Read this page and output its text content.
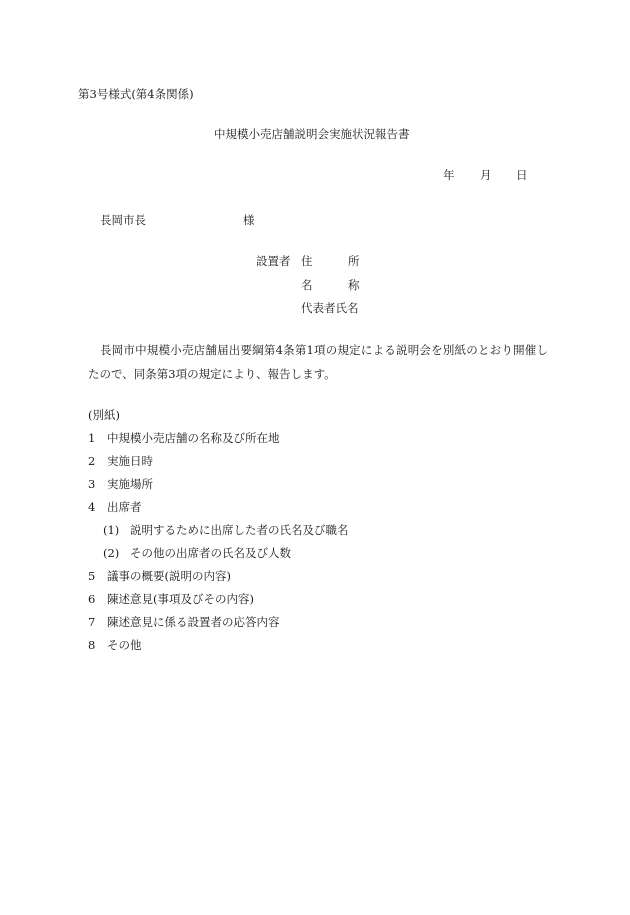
第3号様式(第4条関係)
中規模小売店舗説明会実施状況報告書
年 月 日
長岡市長	様
設置者 住	所
名	称
代表者氏名
長岡市中規模小売店舗届出要綱第4条第1項の規定による説明会を別紙のとおり開催し
たので、同条第3項の規定により、報告します。
(別紙)
1 中規模小売店舗の名称及び所在地
2 実施日時
3 実施場所
4 出席者
(1) 説明するために出席した者の氏名及び職名
(2) その他の出席者の氏名及び人数
5 議事の概要(説明の内容)
6 陳述意見(事項及びその内容)
7 陳述意見に係る設置者の応答内容
8 その他
